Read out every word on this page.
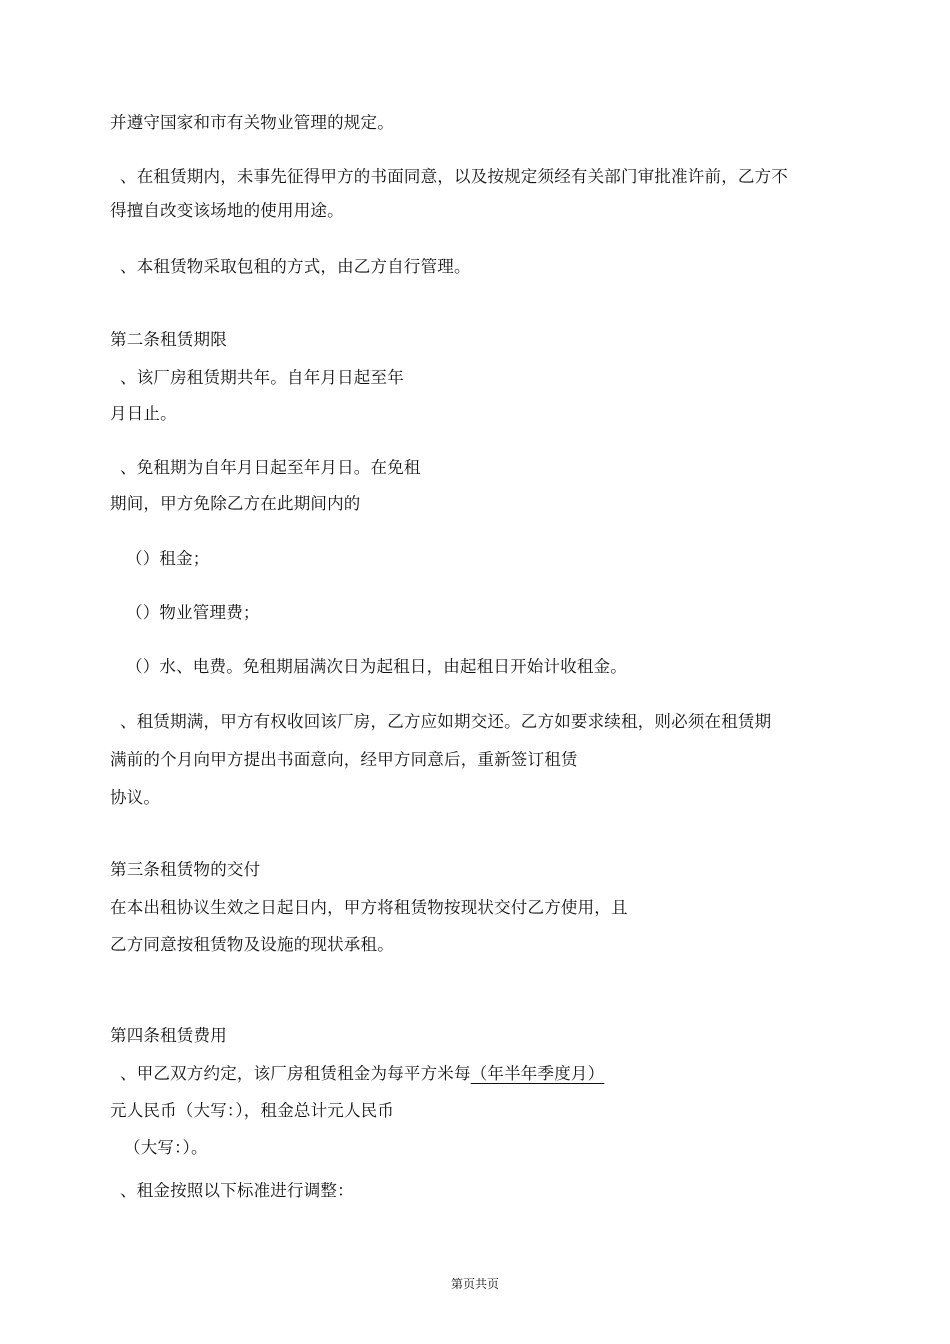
并遵守国家和市有关物业管理的规定。
、在租赁期内，未事先征得甲方的书面同意，以及按规定须经有关部门审批准许前，乙方不
得擅自改变该场地的使用用途。
、本租赁物采取包租的方式，由乙方自行管理。
第二条租赁期限
、该厂房租赁期共年。自年月日起至年
月日止。
、免租期为自年月日起至年月日。在免租
期间，甲方免除乙方在此期间内的
（）租金；
（）物业管理费；
（）水、电费。免租期届满次日为起租日，由起租日开始计收租金。
、租赁期满，甲方有权收回该厂房，乙方应如期交还。乙方如要求续租，则必须在租赁期
满前的个月向甲方提出书面意向，经甲方同意后，重新签订租赁
协议。
第三条租赁物的交付
在本出租协议生效之日起日内，甲方将租赁物按现状交付乙方使用，且
乙方同意按租赁物及设施的现状承租。
第四条租赁费用
、甲乙双方约定，该厂房租赁租金为每平方米每（年半年季度月）
元人民币（大写：），租金总计元人民币
（大写：）。
、租金按照以下标准进行调整：
第页共页
